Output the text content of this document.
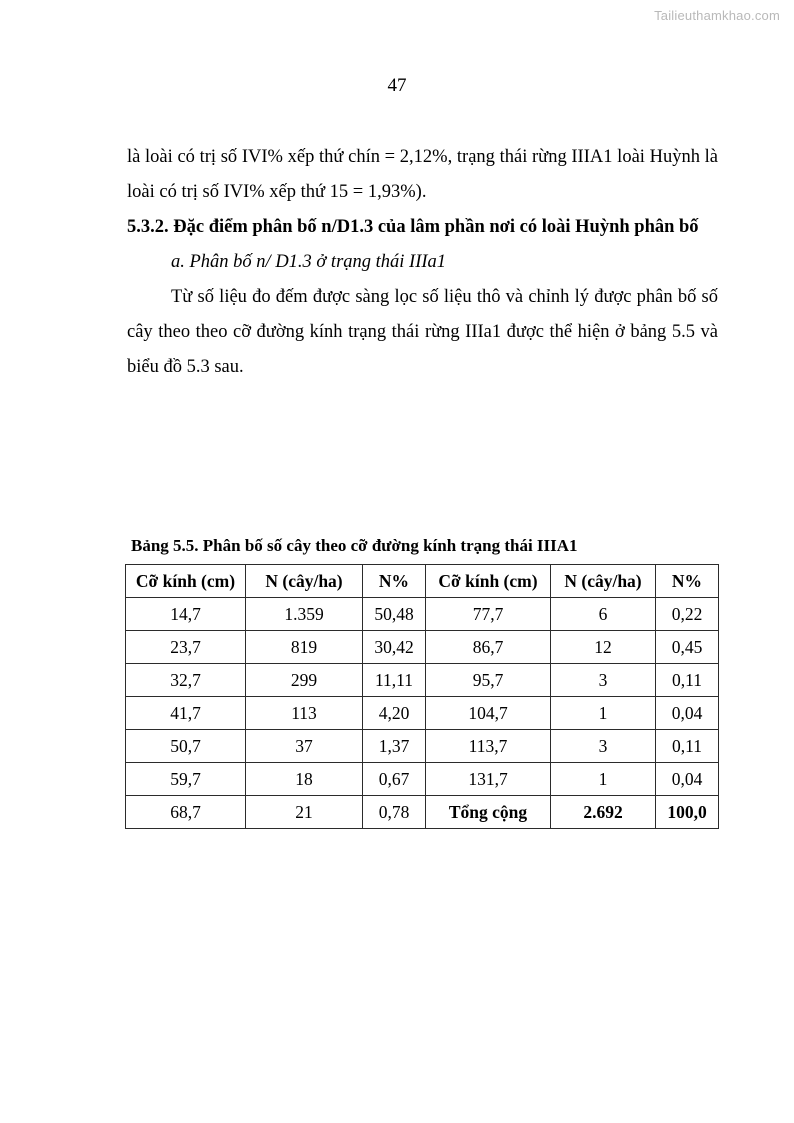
Tailieuthamkhao.com
47

là loài có trị số IVI% xếp thứ chín = 2,12%, trạng thái rừng IIIA1 loài Huỳnh là loài có trị số IVI% xếp thứ 15 = 1,93%).

5.3.2. Đặc điểm phân bố n/D1.3 của lâm phần nơi có loài Huỳnh phân bố

a. Phân bố n/ D1.3 ở trạng thái IIIa1

Từ số liệu đo đếm được sàng lọc số liệu thô và chỉnh lý được phân bố số cây theo theo cỡ đường kính trạng thái rừng IIIa1 được thể hiện ở bảng 5.5 và biểu đồ 5.3 sau.

Bảng 5.5. Phân bố số cây theo cỡ đường kính trạng thái IIIA1
Cỡ kính (cm)	N (cây/ha)	N%	Cỡ kính (cm)	N (cây/ha)	N%
14,7	1.359	50,48	77,7	6	0,22
23,7	819	30,42	86,7	12	0,45
32,7	299	11,11	95,7	3	0,11
41,7	113	4,20	104,7	1	0,04
50,7	37	1,37	113,7	3	0,11
59,7	18	0,67	131,7	1	0,04
68,7	21	0,78	Tổng cộng	2.692	100,0
